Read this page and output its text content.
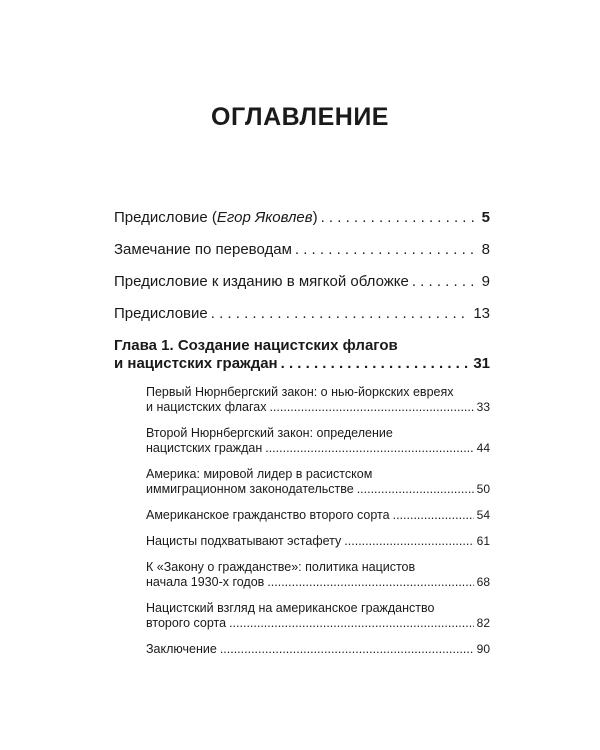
ОГЛАВЛЕНИЕ
Предисловие (Егор Яковлев) . . .	5
Замечание по переводам . . .	8
Предисловие к изданию в мягкой обложке . . .	9
Предисловие . . .	13
Глава 1. Создание нацистских флагов
и нацистских граждан . . .	31
Первый Нюрнбергский закон: о нью-йоркских евреях
и нацистских флагах .....	33
Второй Нюрнбергский закон: определение
нацистских граждан .....	44
Америка: мировой лидер в расистском
иммиграционном законодательстве .....	50
Американское гражданство второго сорта .....	54
Нацисты подхватывают эстафету .....	61
К «Закону о гражданстве»: политика нацистов
начала 1930-х годов .....	68
Нацистский взгляд на американское гражданство
второго сорта .....	82
Заключение .....	90
